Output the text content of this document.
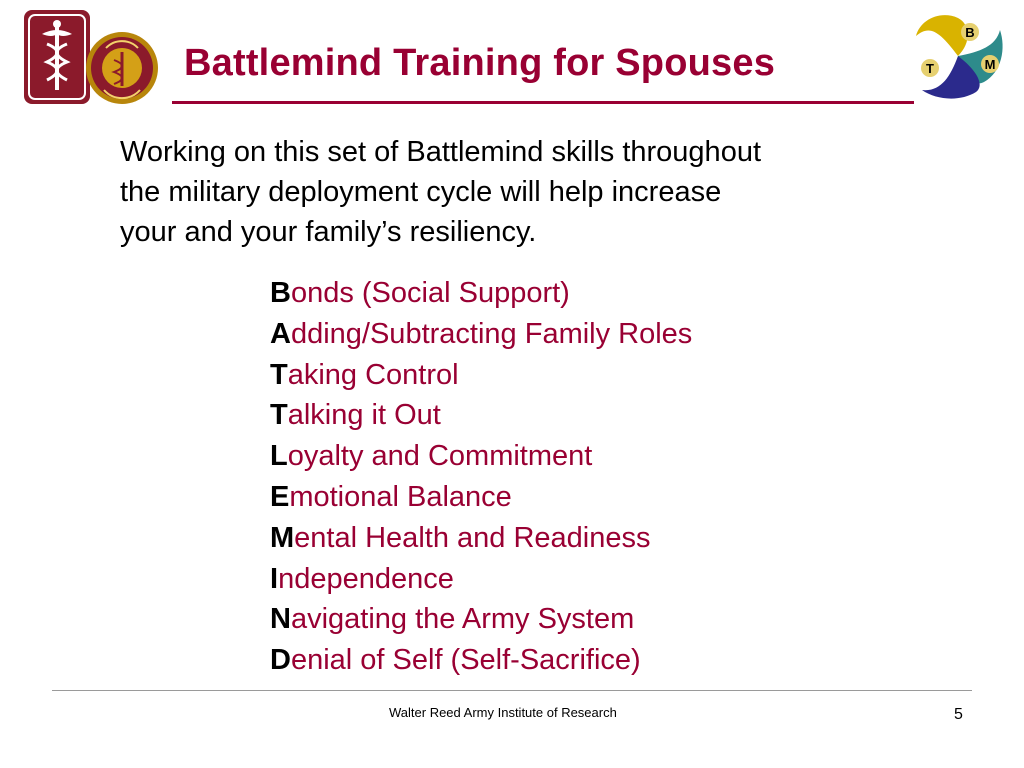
Battlemind Training for Spouses
B
M
T
Working on this set of Battlemind skills throughout
the military deployment cycle will help increase
your and your family’s resiliency.
Bonds (Social Support)
Adding/Subtracting Family Roles
Taking Control
Talking it Out
Loyalty and Commitment
Emotional Balance
Mental Health and Readiness
Independence
Navigating the Army System
Denial of Self (Self-Sacrifice)
Walter Reed Army Institute of Research	5
